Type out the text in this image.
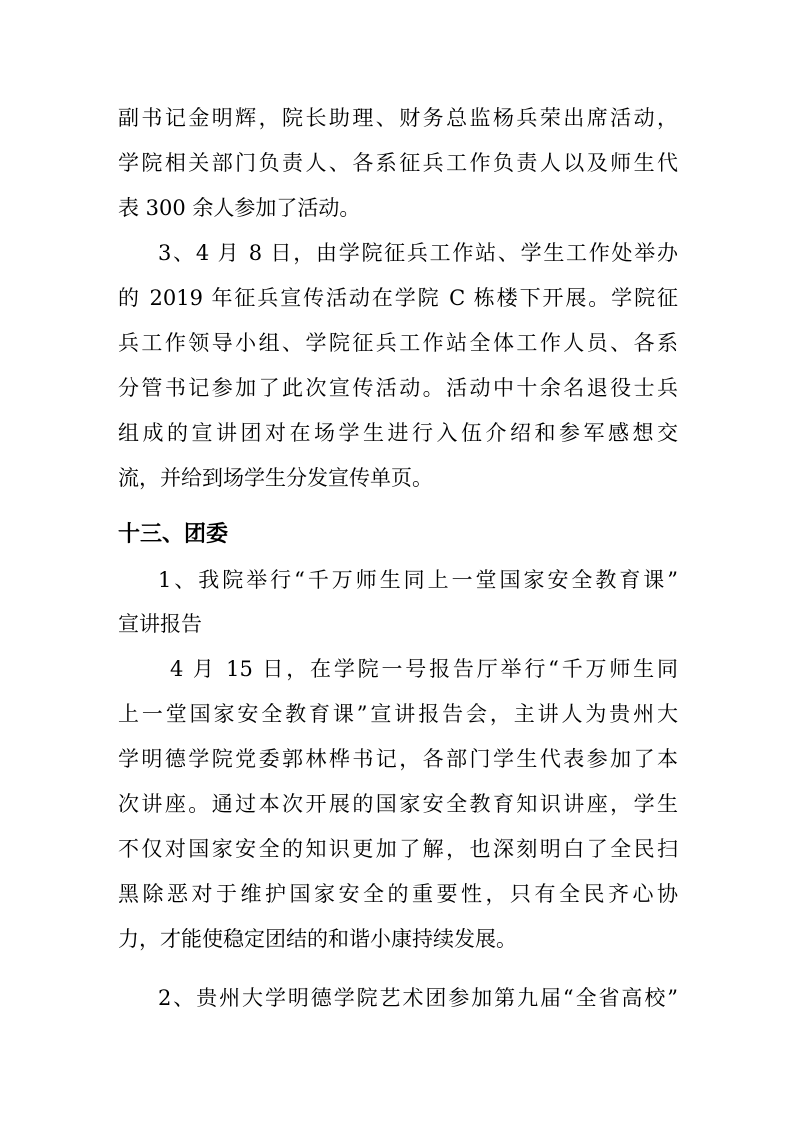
副书记金明辉，院长助理、财务总监杨兵荣出席活动，
学院相关部门负责人、各系征兵工作负责人以及师生代
表 300 余人参加了活动。
3、4 月 8 日，由学院征兵工作站、学生工作处举办
的 2019 年征兵宣传活动在学院 C 栋楼下开展。学院征
兵工作领导小组、学院征兵工作站全体工作人员、各系
分管书记参加了此次宣传活动。活动中十余名退役士兵
组成的宣讲团对在场学生进行入伍介绍和参军感想交
流，并给到场学生分发宣传单页。
十三、团委
1、我院举行“千万师生同上一堂国家安全教育课”
宣讲报告
4 月 15 日，在学院一号报告厅举行“千万师生同
上一堂国家安全教育课”宣讲报告会，主讲人为贵州大
学明德学院党委郭林桦书记，各部门学生代表参加了本
次讲座。通过本次开展的国家安全教育知识讲座，学生
不仅对国家安全的知识更加了解，也深刻明白了全民扫
黑除恶对于维护国家安全的重要性，只有全民齐心协
力，才能使稳定团结的和谐小康持续发展。
2、贵州大学明德学院艺术团参加第九届“全省高校”
